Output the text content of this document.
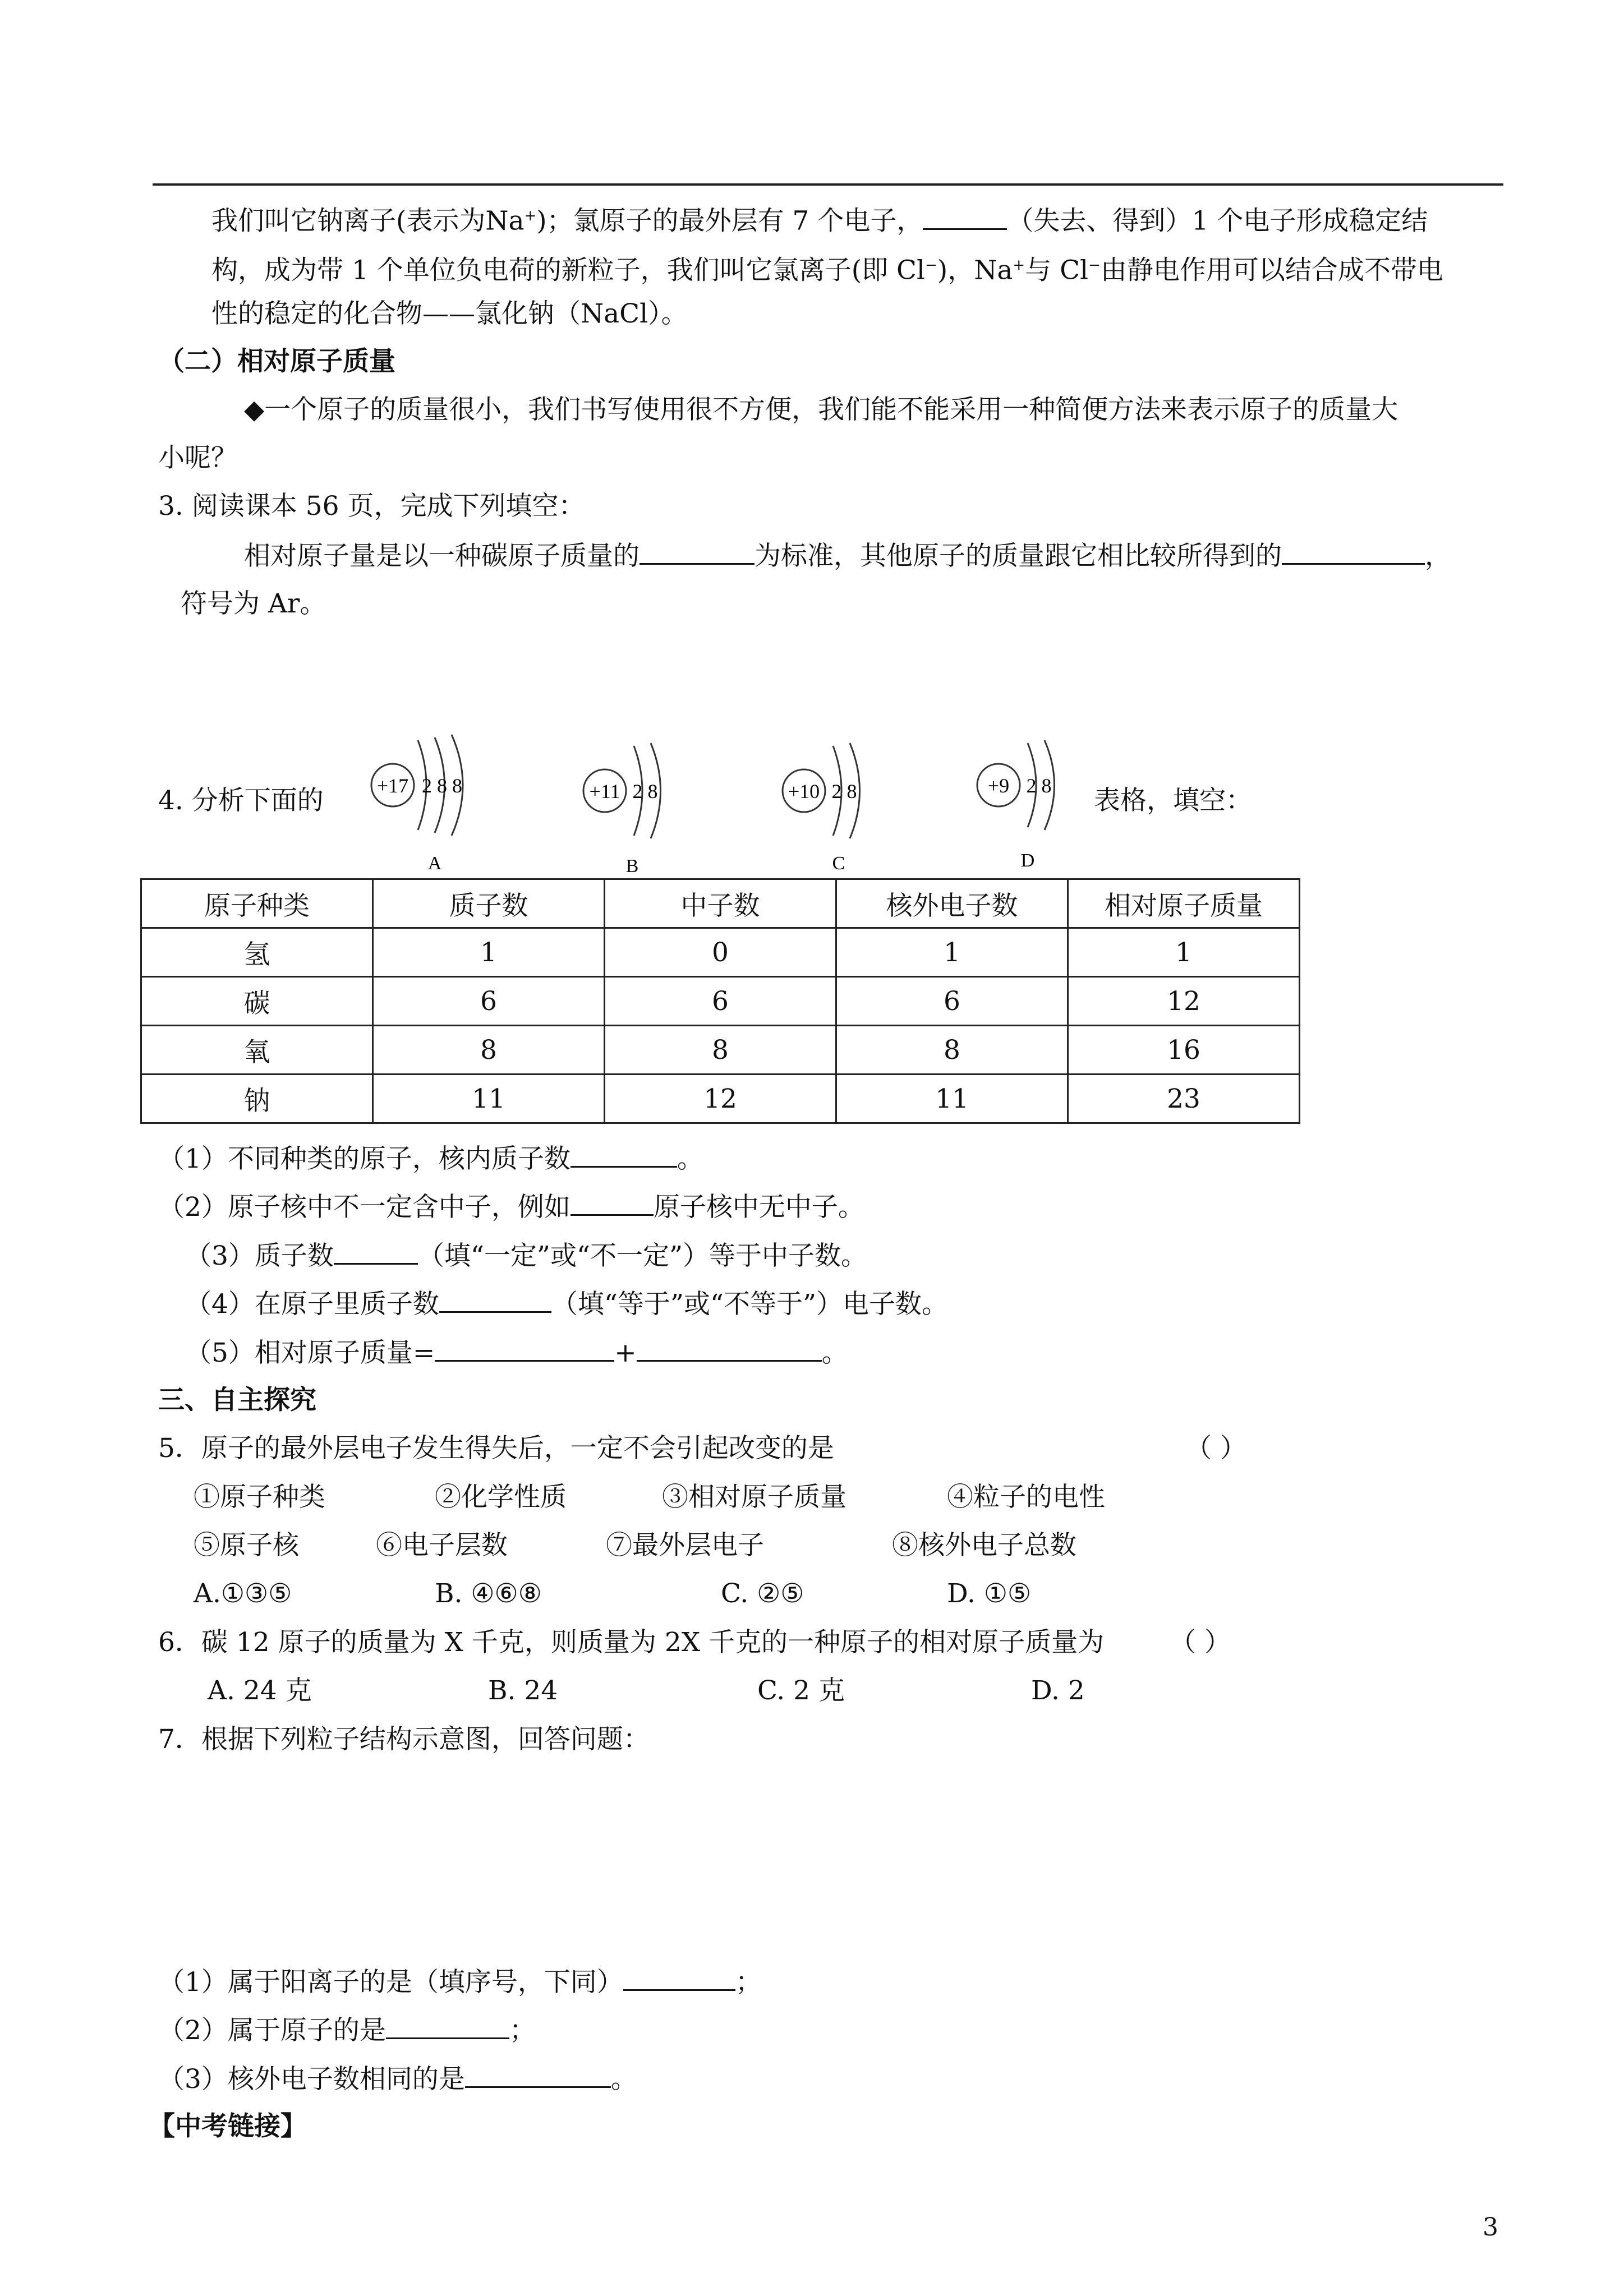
我们叫它钠离子(表示为Na+)；氯原子的最外层有 7 个电子，	（失去、得到）1 个电子形成稳定结
构，成为带 1 个单位负电荷的新粒子，我们叫它氯离子(即 Cl−)，Na+与 Cl−由静电作用可以结合成不带电
性的稳定的化合物——氯化钠（NaCl）。
（二）相对原子质量
◆一个原子的质量很小，我们书写使用很不方便，我们能不能采用一种简便方法来表示原子的质量大
小呢？
3. 阅读课本 56 页，完成下列填空：
相对原子量是以一种碳原子质量的	为标准，其他原子的质量跟它相比较所得到的	，
符号为 Ar。
4. 分析下面的	+17 2 8 8
A
+11 2 8
B
+10 2 8
C
+9 2 8
D
表格，填空：
原子种类	质子数	中子数	核外电子数	相对原子质量
氢	1	0	1	1
碳	6	6	6	12
氧	8	8	8	16
钠	11	12	11	23
（1）不同种类的原子，核内质子数	。
（2）原子核中不一定含中子，例如	原子核中无中子。
（3）质子数	（填“一定”或“不一定”）等于中子数。
（4）在原子里质子数	（填“等于”或“不等于”）电子数。
（5）相对原子质量=	+	。
三、自主探究
5．原子的最外层电子发生得失后，一定不会引起改变的是	（ ）
①原子种类	②化学性质	③相对原子质量	④粒子的电性
⑤原子核	⑥电子层数	⑦最外层电子	⑧核外电子总数
A.①③⑤	B. ④⑥⑧	C. ②⑤	D. ①⑤
6．碳 12 原子的质量为 X 千克，则质量为 2X 千克的一种原子的相对原子质量为 （ ）
A. 24 克	B. 24	C. 2 克	D. 2
7．根据下列粒子结构示意图，回答问题：
（1）属于阳离子的是（填序号，下同）	；
（2）属于原子的是	；
（3）核外电子数相同的是	。
【中考链接】
3
